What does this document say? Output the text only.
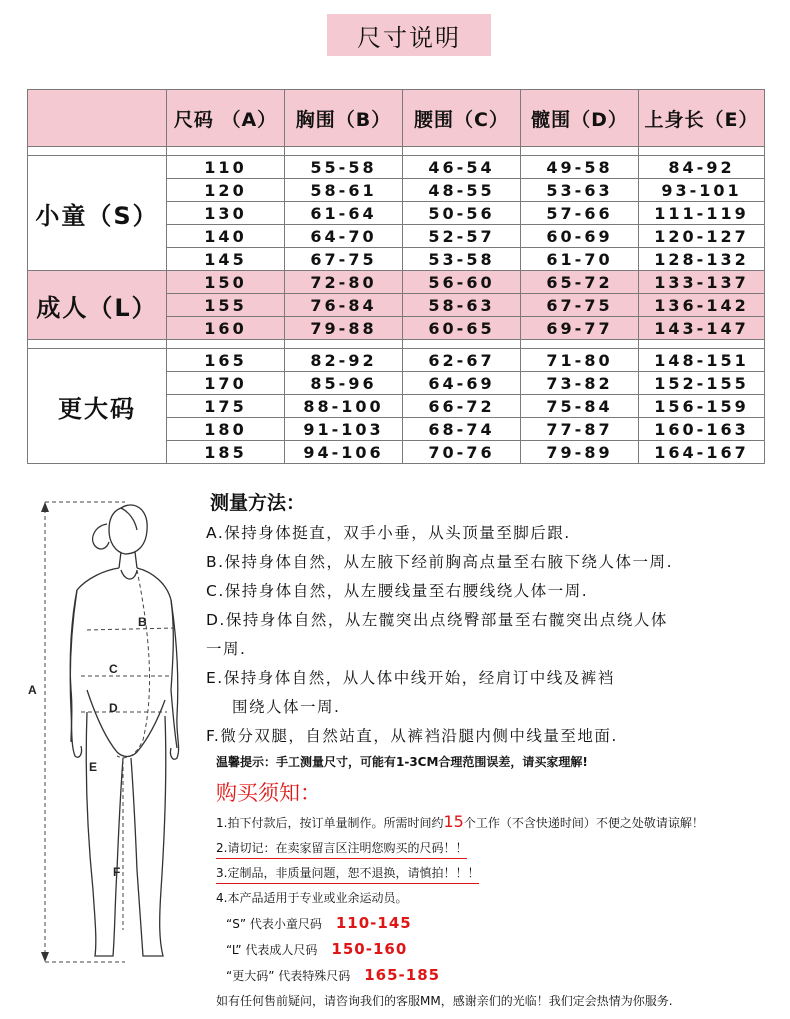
尺寸说明
	尺码 （A）	胸围（B）	腰围（C）	髋围（D）	上身长（E）

小童（S）	110	55-58	46-54	49-58	84-92
	120	58-61	48-55	53-63	93-101
	130	61-64	50-56	57-66	111-119
	140	64-70	52-57	60-69	120-127
	145	67-75	53-58	61-70	128-132
成人（L）	150	72-80	56-60	65-72	133-137
	155	76-84	58-63	67-75	136-142
	160	79-88	60-65	69-77	143-147

更大码	165	82-92	62-67	71-80	148-151
	170	85-96	64-69	73-82	152-155
	175	88-100	66-72	75-84	156-159
	180	91-103	68-74	77-87	160-163
	185	94-106	70-76	79-89	164-167
A
B
C
D
E
F
测量方法：
A.保持身体挺直，双手小垂，从头顶量至脚后跟.
B.保持身体自然，从左腋下经前胸高点量至右腋下绕人体一周.
C.保持身体自然，从左腰线量至右腰线绕人体一周.
D.保持身体自然，从左髋突出点绕臀部量至右髋突出点绕人体
一周.
E.保持身体自然，从人体中线开始，经肩订中线及裤裆
围绕人体一周.
F.微分双腿，自然站直，从裤裆沿腿内侧中线量至地面.
温馨提示：手工测量尺寸，可能有1-3CM合理范围误差，请买家理解!
购买须知：
1.拍下付款后，按订单量制作。所需时间约15个工作（不含快递时间）不便之处敬请谅解！
2.请切记：在卖家留言区注明您购买的尺码！！
3.定制品，非质量问题，恕不退换，请慎拍！！！
4.本产品适用于专业或业余运动员。
“S” 代表小童尺码 110-145
“L” 代表成人尺码 150-160
“更大码” 代表特殊尺码 165-185
如有任何售前疑问，请咨询我们的客服MM，感谢亲们的光临！我们定会热情为你服务.
